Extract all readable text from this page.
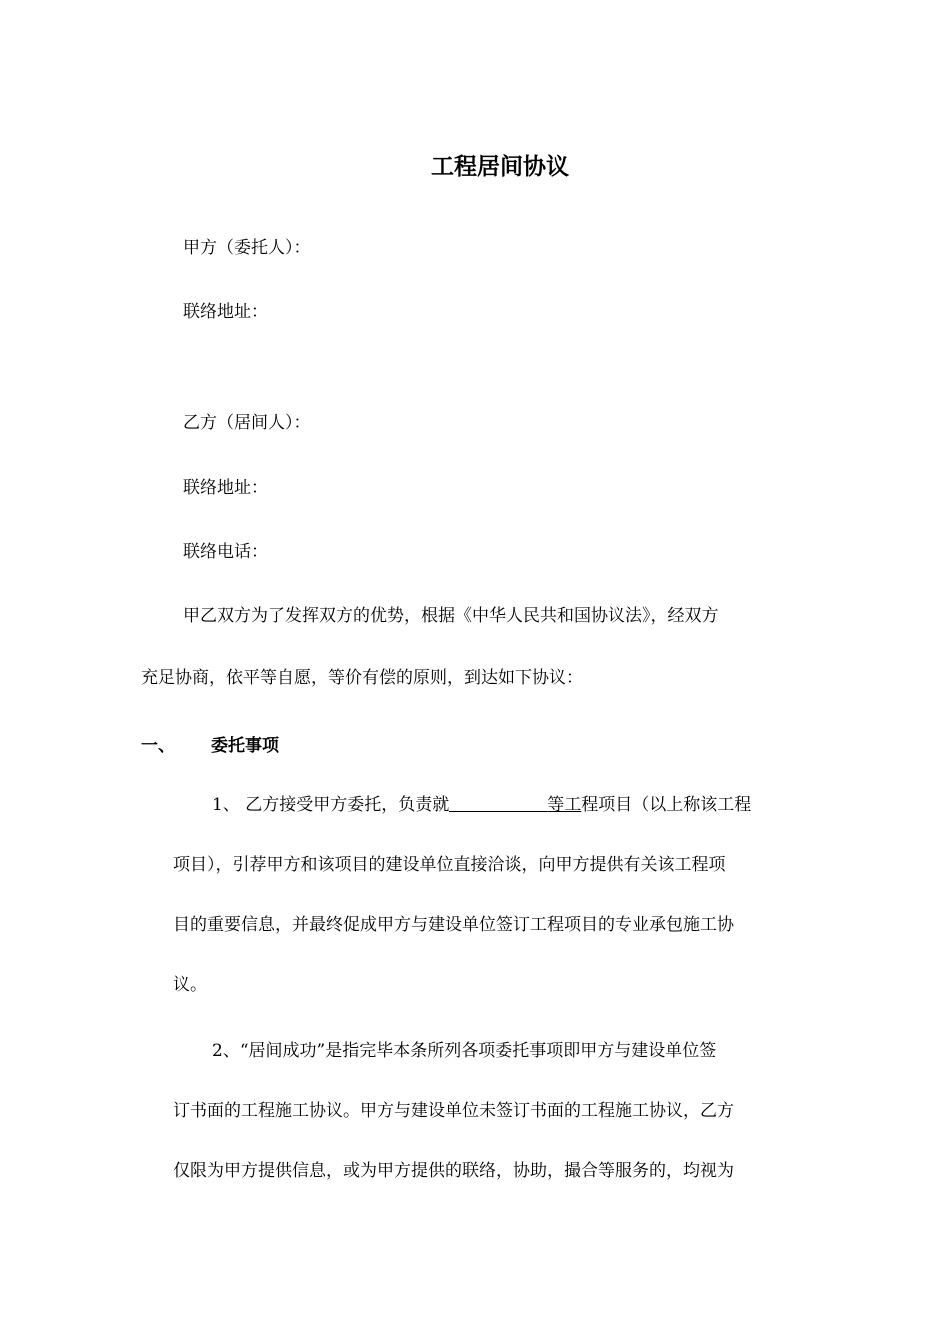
工程居间协议

甲方（委托人）：

联络地址：

乙方（居间人）：

联络地址：

联络电话：

甲乙双方为了发挥双方的优势，根据《中华人民共和国协议法》，经双方

充足协商，依平等自愿，等价有偿的原则，到达如下协议：

一、 委托事项

1、 乙方接受甲方委托，负责就	等工程项目（以上称该工程

项目），引荐甲方和该项目的建设单位直接洽谈，向甲方提供有关该工程项

目的重要信息，并最终促成甲方与建设单位签订工程项目的专业承包施工协

议。

2、“居间成功”是指完毕本条所列各项委托事项即甲方与建设单位签

订书面的工程施工协议。甲方与建设单位未签订书面的工程施工协议，乙方

仅限为甲方提供信息，或为甲方提供的联络，协助，撮合等服务的，均视为
